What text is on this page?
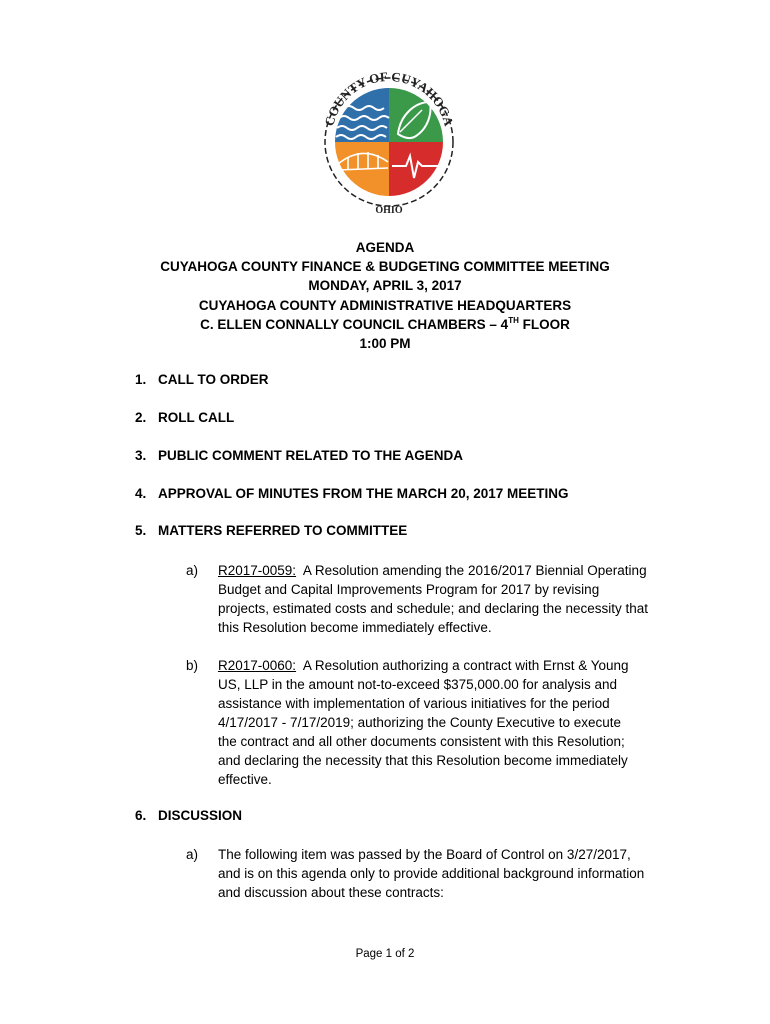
COUNTY OF CUYAHOGA
OHIO
AGENDA
CUYAHOGA COUNTY FINANCE & BUDGETING COMMITTEE MEETING
MONDAY, APRIL 3, 2017
CUYAHOGA COUNTY ADMINISTRATIVE HEADQUARTERS
C. ELLEN CONNALLY COUNCIL CHAMBERS – 4TH FLOOR
1:00 PM
1. CALL TO ORDER
2. ROLL CALL
3. PUBLIC COMMENT RELATED TO THE AGENDA
4. APPROVAL OF MINUTES FROM THE MARCH 20, 2017 MEETING
5. MATTERS REFERRED TO COMMITTEE
a)	R2017-0059: A Resolution amending the 2016/2017 Biennial Operating
Budget and Capital Improvements Program for 2017 by revising
projects, estimated costs and schedule; and declaring the necessity that
this Resolution become immediately effective.
b)	R2017-0060: A Resolution authorizing a contract with Ernst & Young
US, LLP in the amount not-to-exceed $375,000.00 for analysis and
assistance with implementation of various initiatives for the period
4/17/2017 - 7/17/2019; authorizing the County Executive to execute
the contract and all other documents consistent with this Resolution;
and declaring the necessity that this Resolution become immediately
effective.
6. DISCUSSION
a)	The following item was passed by the Board of Control on 3/27/2017,
and is on this agenda only to provide additional background information
and discussion about these contracts:
Page 1 of 2
